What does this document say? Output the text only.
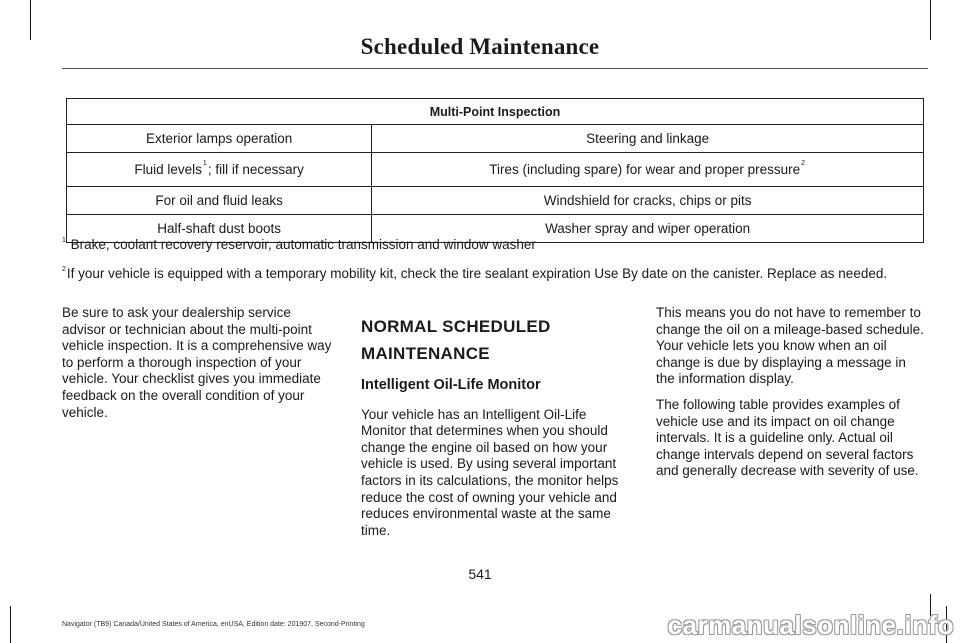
Scheduled Maintenance
Multi-Point Inspection	
Exterior lamps operation	Steering and linkage
Fluid levels$^1$; fill if necessary	Tires (including spare) for wear and proper pressure$^2$
For oil and fluid leaks	Windshield for cracks, chips or pits
Half-shaft dust boots	Washer spray and wiper operation
$^1$ Brake, coolant recovery reservoir, automatic transmission and window washer
$^2$If your vehicle is equipped with a temporary mobility kit, check the tire sealant expiration Use By date on the canister. Replace as needed.

Be sure to ask your dealership service advisor or technician about the multi-point vehicle inspection. It is a comprehensive way to perform a thorough inspection of your vehicle. Your checklist gives you immediate feedback on the overall condition of your vehicle.

NORMAL SCHEDULED MAINTENANCE
Intelligent Oil-Life Monitor

Your vehicle has an Intelligent Oil-Life Monitor that determines when you should change the engine oil based on how your vehicle is used. By using several important factors in its calculations, the monitor helps reduce the cost of owning your vehicle and reduces environmental waste at the same time.

This means you do not have to remember to change the oil on a mileage-based schedule. Your vehicle lets you know when an oil change is due by displaying a message in the information display.

The following table provides examples of vehicle use and its impact on oil change intervals. It is a guideline only. Actual oil change intervals depend on several factors and generally decrease with severity of use.

541
Navigator (TB9) Canada/United States of America, enUSA, Edition date: 201907, Second-Printing	carmanualsonline.info
